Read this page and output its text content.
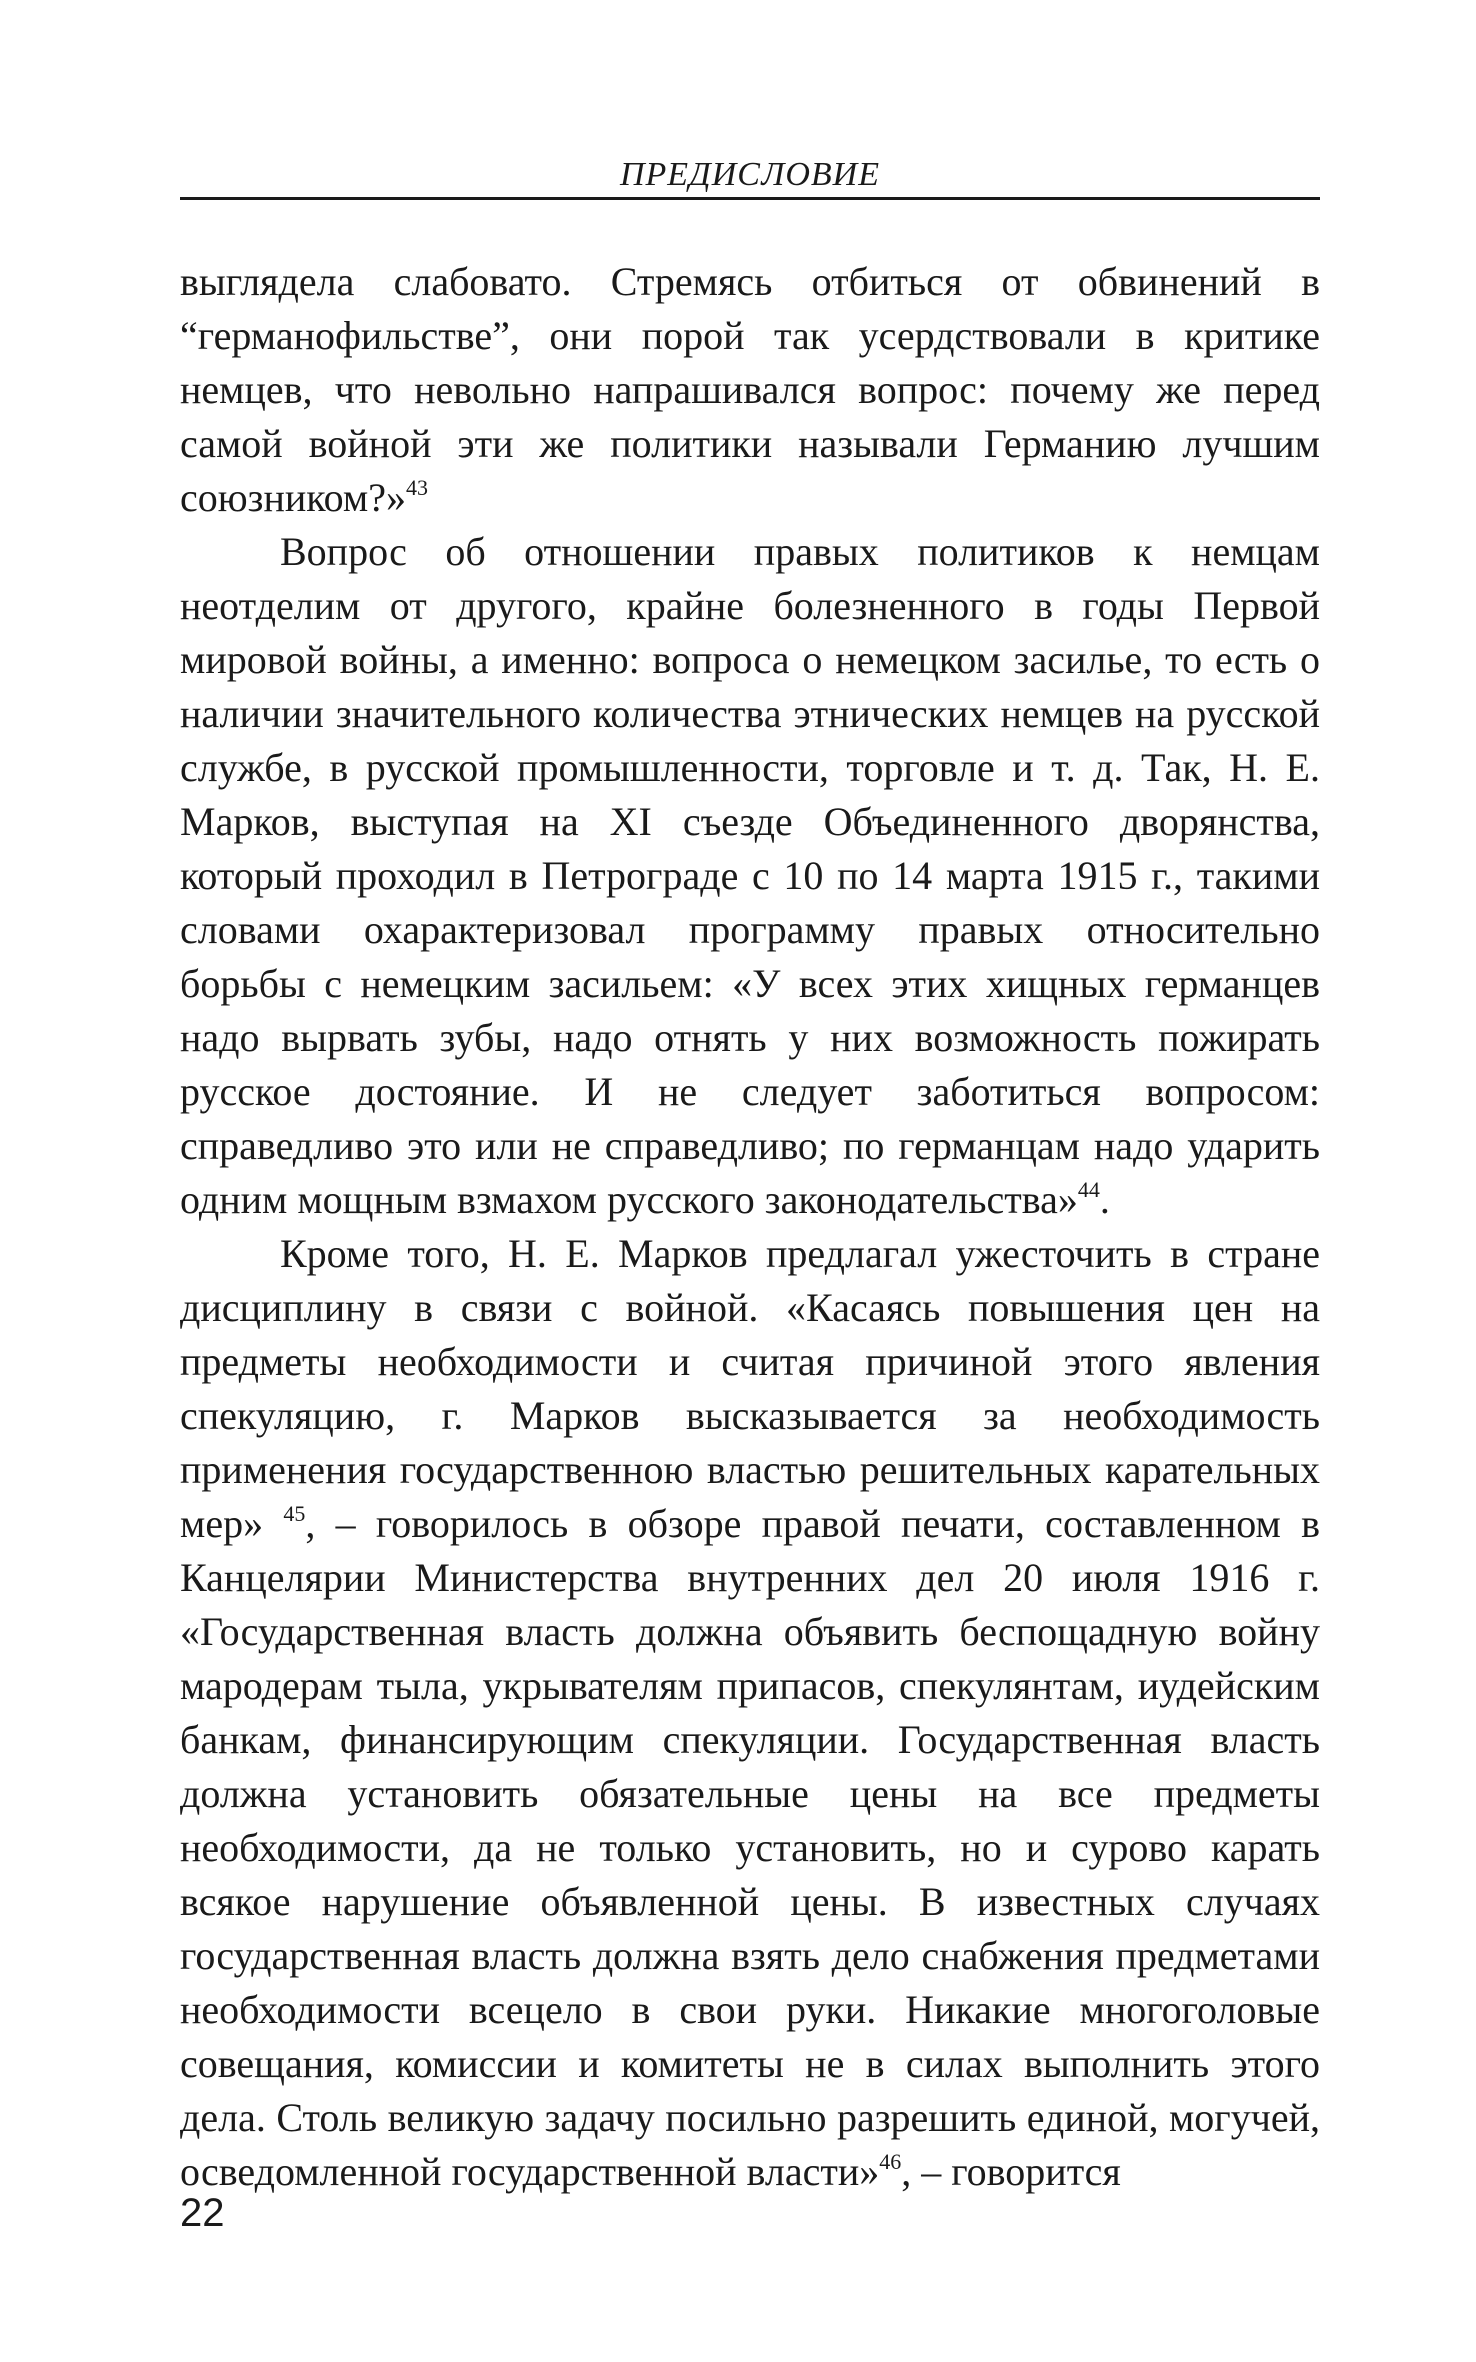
ПРЕДИСЛОВИЕ

выглядела слабовато. Стремясь отбиться от обвинений в “германофильстве”, они порой так усердствовали в критике немцев, что невольно напрашивался вопрос: почему же перед самой войной эти же политики называли Германию лучшим союзником?»$^{43}$

Вопрос об отношении правых политиков к немцам неотделим от другого, крайне болезненного в годы Первой мировой войны, а именно: вопроса о немецком засилье, то есть о наличии значительного количества этнических немцев на русской службе, в русской промышленности, торговле и т. д. Так, Н. Е. Марков, выступая на XI съезде Объединенного дворянства, который проходил в Петрограде с 10 по 14 марта 1915 г., такими словами охарактеризовал программу правых относительно борьбы с немецким засильем: «У всех этих хищных германцев надо вырвать зубы, надо отнять у них возможность пожирать русское достояние. И не следует заботиться вопросом: справедливо это или не справедливо; по германцам надо ударить одним мощным взмахом русского законодательства»$^{44}$.

Кроме того, Н. Е. Марков предлагал ужесточить в стране дисциплину в связи с войной. «Касаясь повышения цен на предметы необходимости и считая причиной этого явления спекуляцию, г. Марков высказывается за необходимость применения государственною властью решительных карательных мер» $^{45}$, – говорилось в обзоре правой печати, составленном в Канцелярии Министерства внутренних дел 20 июля 1916 г. «Государственная власть должна объявить беспощадную войну мародерам тыла, укрывателям припасов, спекулянтам, иудейским банкам, финансирующим спекуляции. Государственная власть должна установить обязательные цены на все предметы необходимости, да не только установить, но и сурово карать всякое нарушение объявленной цены. В известных случаях государственная власть должна взять дело снабжения предметами необходимости всецело в свои руки. Никакие многоголовые совещания, комиссии и комитеты не в силах выполнить этого дела. Столь великую задачу посильно разрешить единой, могучей, осведомленной государственной власти»$^{46}$, – говорится

22
